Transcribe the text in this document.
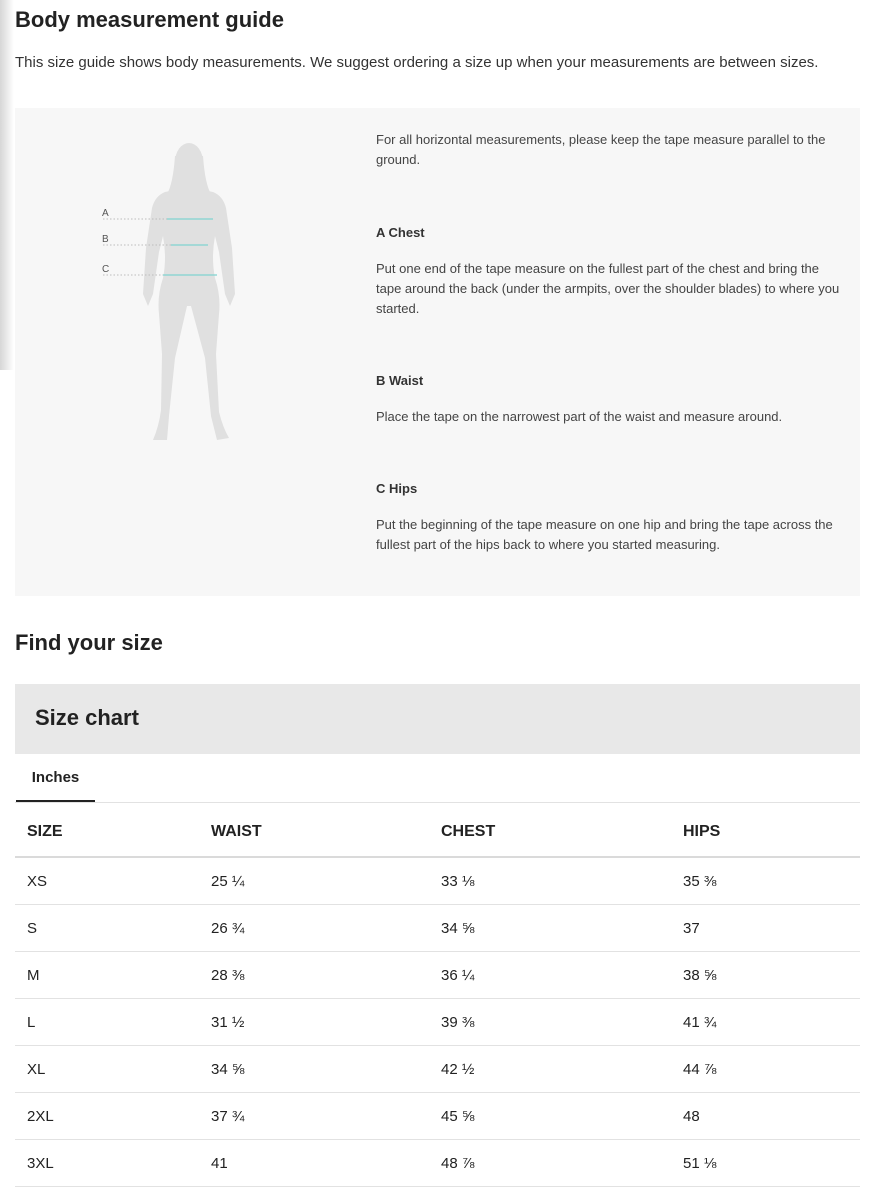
Body measurement guide

This size guide shows body measurements. We suggest ordering a size up when your measurements are between sizes.

A
B
C

For all horizontal measurements, please keep the tape measure parallel to the ground.

A Chest

Put one end of the tape measure on the fullest part of the chest and bring the tape around the back (under the armpits, over the shoulder blades) to where you started.

B Waist

Place the tape on the narrowest part of the waist and measure around.

C Hips

Put the beginning of the tape measure on one hip and bring the tape across the fullest part of the hips back to where you started measuring.

Find your size
Size chart
Inches
SIZE	WAIST	CHEST	HIPS
XS	25 ¼	33 ⅛	35 ⅜
S	26 ¾	34 ⅝	37
M	28 ⅜	36 ¼	38 ⅝
L	31 ½	39 ⅜	41 ¾
XL	34 ⅝	42 ½	44 ⅞
2XL	37 ¾	45 ⅝	48
3XL	41	48 ⅞	51 ⅛
